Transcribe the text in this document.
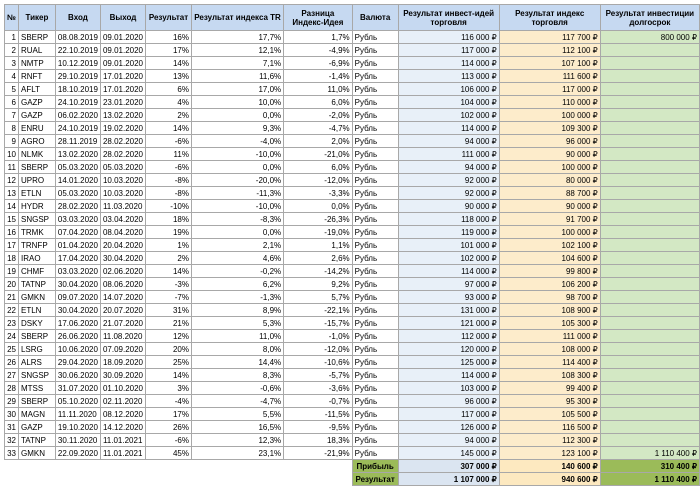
№	Тикер	Вход	Выход	Результат	Результат индекса TR	Разница Индекс-Идея	Валюта	Результат инвест-идей торговля	Результат индекс торговля	Результат инвестиции долгосрок
1	SBERP	08.08.2019	09.01.2020	16%	17,7%	1,7%	Рубль	116 000 ₽	117 700 ₽	800 000 ₽
2	RUAL	22.10.2019	09.01.2020	17%	12,1%	-4,9%	Рубль	117 000 ₽	112 100 ₽	
3	NMTP	10.12.2019	09.01.2020	14%	7,1%	-6,9%	Рубль	114 000 ₽	107 100 ₽	
4	RNFT	29.10.2019	17.01.2020	13%	11,6%	-1,4%	Рубль	113 000 ₽	111 600 ₽	
5	AFLT	18.10.2019	17.01.2020	6%	17,0%	11,0%	Рубль	106 000 ₽	117 000 ₽	
6	GAZP	24.10.2019	23.01.2020	4%	10,0%	6,0%	Рубль	104 000 ₽	110 000 ₽	
7	GAZP	06.02.2020	13.02.2020	2%	0,0%	-2,0%	Рубль	102 000 ₽	100 000 ₽	
8	ENRU	24.10.2019	19.02.2020	14%	9,3%	-4,7%	Рубль	114 000 ₽	109 300 ₽	
9	AGRO	28.11.2019	28.02.2020	-6%	-4,0%	2,0%	Рубль	94 000 ₽	96 000 ₽	
10	NLMK	13.02.2020	28.02.2020	11%	-10,0%	-21,0%	Рубль	111 000 ₽	90 000 ₽	
11	SBERP	05.03.2020	05.03.2020	-6%	0,0%	6,0%	Рубль	94 000 ₽	100 000 ₽	
12	UPRO	14.01.2020	10.03.2020	-8%	-20,0%	-12,0%	Рубль	92 000 ₽	80 000 ₽	
13	ETLN	05.03.2020	10.03.2020	-8%	-11,3%	-3,3%	Рубль	92 000 ₽	88 700 ₽	
14	HYDR	28.02.2020	11.03.2020	-10%	-10,0%	0,0%	Рубль	90 000 ₽	90 000 ₽	
15	SNGSP	03.03.2020	03.04.2020	18%	-8,3%	-26,3%	Рубль	118 000 ₽	91 700 ₽	
16	TRMK	07.04.2020	08.04.2020	19%	0,0%	-19,0%	Рубль	119 000 ₽	100 000 ₽	
17	TRNFP	01.04.2020	20.04.2020	1%	2,1%	1,1%	Рубль	101 000 ₽	102 100 ₽	
18	IRAO	17.04.2020	30.04.2020	2%	4,6%	2,6%	Рубль	102 000 ₽	104 600 ₽	
19	CHMF	03.03.2020	02.06.2020	14%	-0,2%	-14,2%	Рубль	114 000 ₽	99 800 ₽	
20	TATNP	30.04.2020	08.06.2020	-3%	6,2%	9,2%	Рубль	97 000 ₽	106 200 ₽	
21	GMKN	09.07.2020	14.07.2020	-7%	-1,3%	5,7%	Рубль	93 000 ₽	98 700 ₽	
22	ETLN	30.04.2020	20.07.2020	31%	8,9%	-22,1%	Рубль	131 000 ₽	108 900 ₽	
23	DSKY	17.06.2020	21.07.2020	21%	5,3%	-15,7%	Рубль	121 000 ₽	105 300 ₽	
24	SBERP	26.06.2020	11.08.2020	12%	11,0%	-1,0%	Рубль	112 000 ₽	111 000 ₽	
25	LSRG	10.06.2020	07.09.2020	20%	8,0%	-12,0%	Рубль	120 000 ₽	108 000 ₽	
26	ALRS	29.04.2020	18.09.2020	25%	14,4%	-10,6%	Рубль	125 000 ₽	114 400 ₽	
27	SNGSP	30.06.2020	30.09.2020	14%	8,3%	-5,7%	Рубль	114 000 ₽	108 300 ₽	
28	MTSS	31.07.2020	01.10.2020	3%	-0,6%	-3,6%	Рубль	103 000 ₽	99 400 ₽	
29	SBERP	05.10.2020	02.11.2020	-4%	-4,7%	-0,7%	Рубль	96 000 ₽	95 300 ₽	
30	MAGN	11.11.2020	08.12.2020	17%	5,5%	-11,5%	Рубль	117 000 ₽	105 500 ₽	
31	GAZP	19.10.2020	14.12.2020	26%	16,5%	-9,5%	Рубль	126 000 ₽	116 500 ₽	
32	TATNP	30.11.2020	11.01.2021	-6%	12,3%	18,3%	Рубль	94 000 ₽	112 300 ₽	
33	GMKN	22.09.2020	11.01.2021	45%	23,1%	-21,9%	Рубль	145 000 ₽	123 100 ₽	1 110 400 ₽
							Прибыль	307 000 ₽	140 600 ₽	310 400 ₽
							Результат	1 107 000 ₽	940 600 ₽	1 110 400 ₽
